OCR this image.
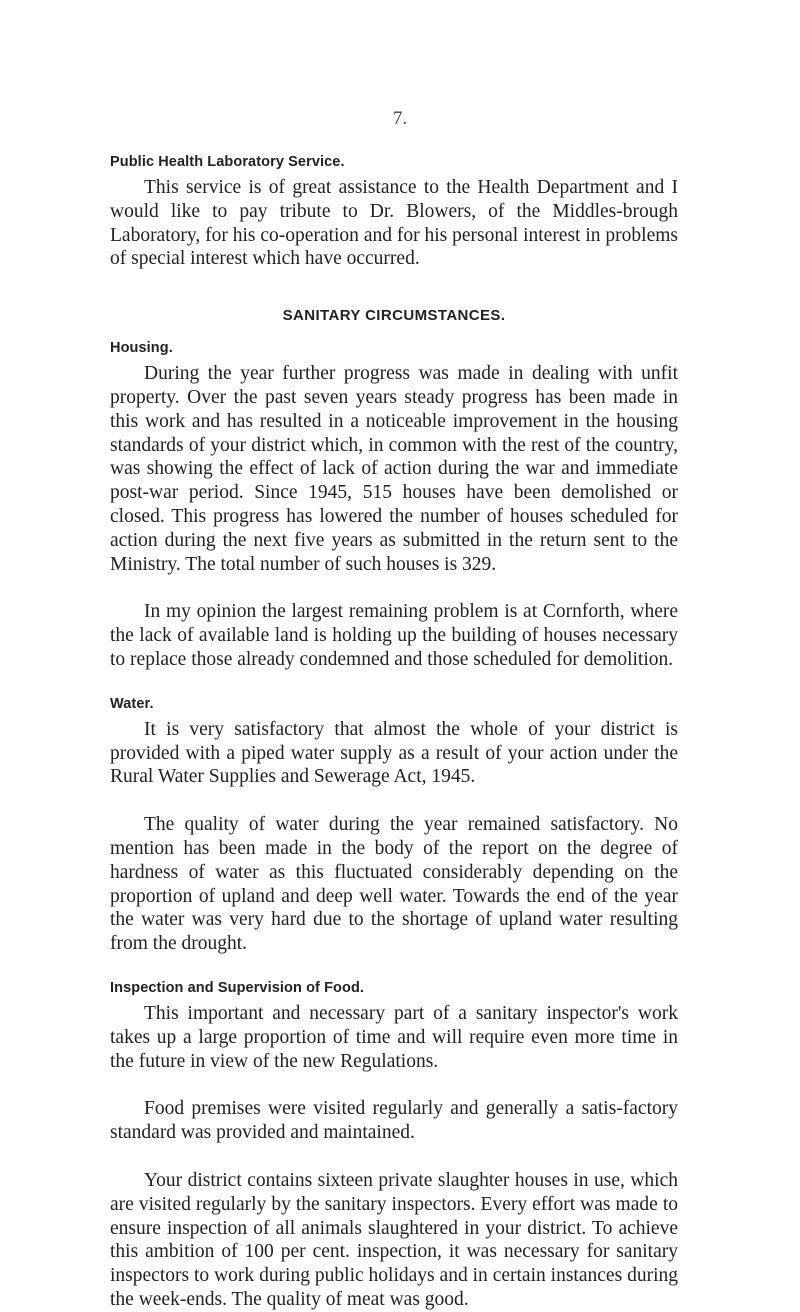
7.
Public Health Laboratory Service.

This service is of great assistance to the Health Department and I would like to pay tribute to Dr. Blowers, of the Middles-brough Laboratory, for his co-operation and for his personal interest in problems of special interest which have occurred.

SANITARY CIRCUMSTANCES.
Housing.

During the year further progress was made in dealing with unfit property. Over the past seven years steady progress has been made in this work and has resulted in a noticeable improvement in the housing standards of your district which, in common with the rest of the country, was showing the effect of lack of action during the war and immediate post-war period. Since 1945, 515 houses have been demolished or closed. This progress has lowered the number of houses scheduled for action during the next five years as submitted in the return sent to the Ministry. The total number of such houses is 329.

In my opinion the largest remaining problem is at Cornforth, where the lack of available land is holding up the building of houses necessary to replace those already condemned and those scheduled for demolition.

Water.

It is very satisfactory that almost the whole of your district is provided with a piped water supply as a result of your action under the Rural Water Supplies and Sewerage Act, 1945.

The quality of water during the year remained satisfactory. No mention has been made in the body of the report on the degree of hardness of water as this fluctuated considerably depending on the proportion of upland and deep well water. Towards the end of the year the water was very hard due to the shortage of upland water resulting from the drought.

Inspection and Supervision of Food.

This important and necessary part of a sanitary inspector's work takes up a large proportion of time and will require even more time in the future in view of the new Regulations.

Food premises were visited regularly and generally a satis-factory standard was provided and maintained.

Your district contains sixteen private slaughter houses in use, which are visited regularly by the sanitary inspectors. Every effort was made to ensure inspection of all animals slaughtered in your district. To achieve this ambition of 100 per cent. inspection, it was necessary for sanitary inspectors to work during public holidays and in certain instances during the week-ends. The quality of meat was good.
